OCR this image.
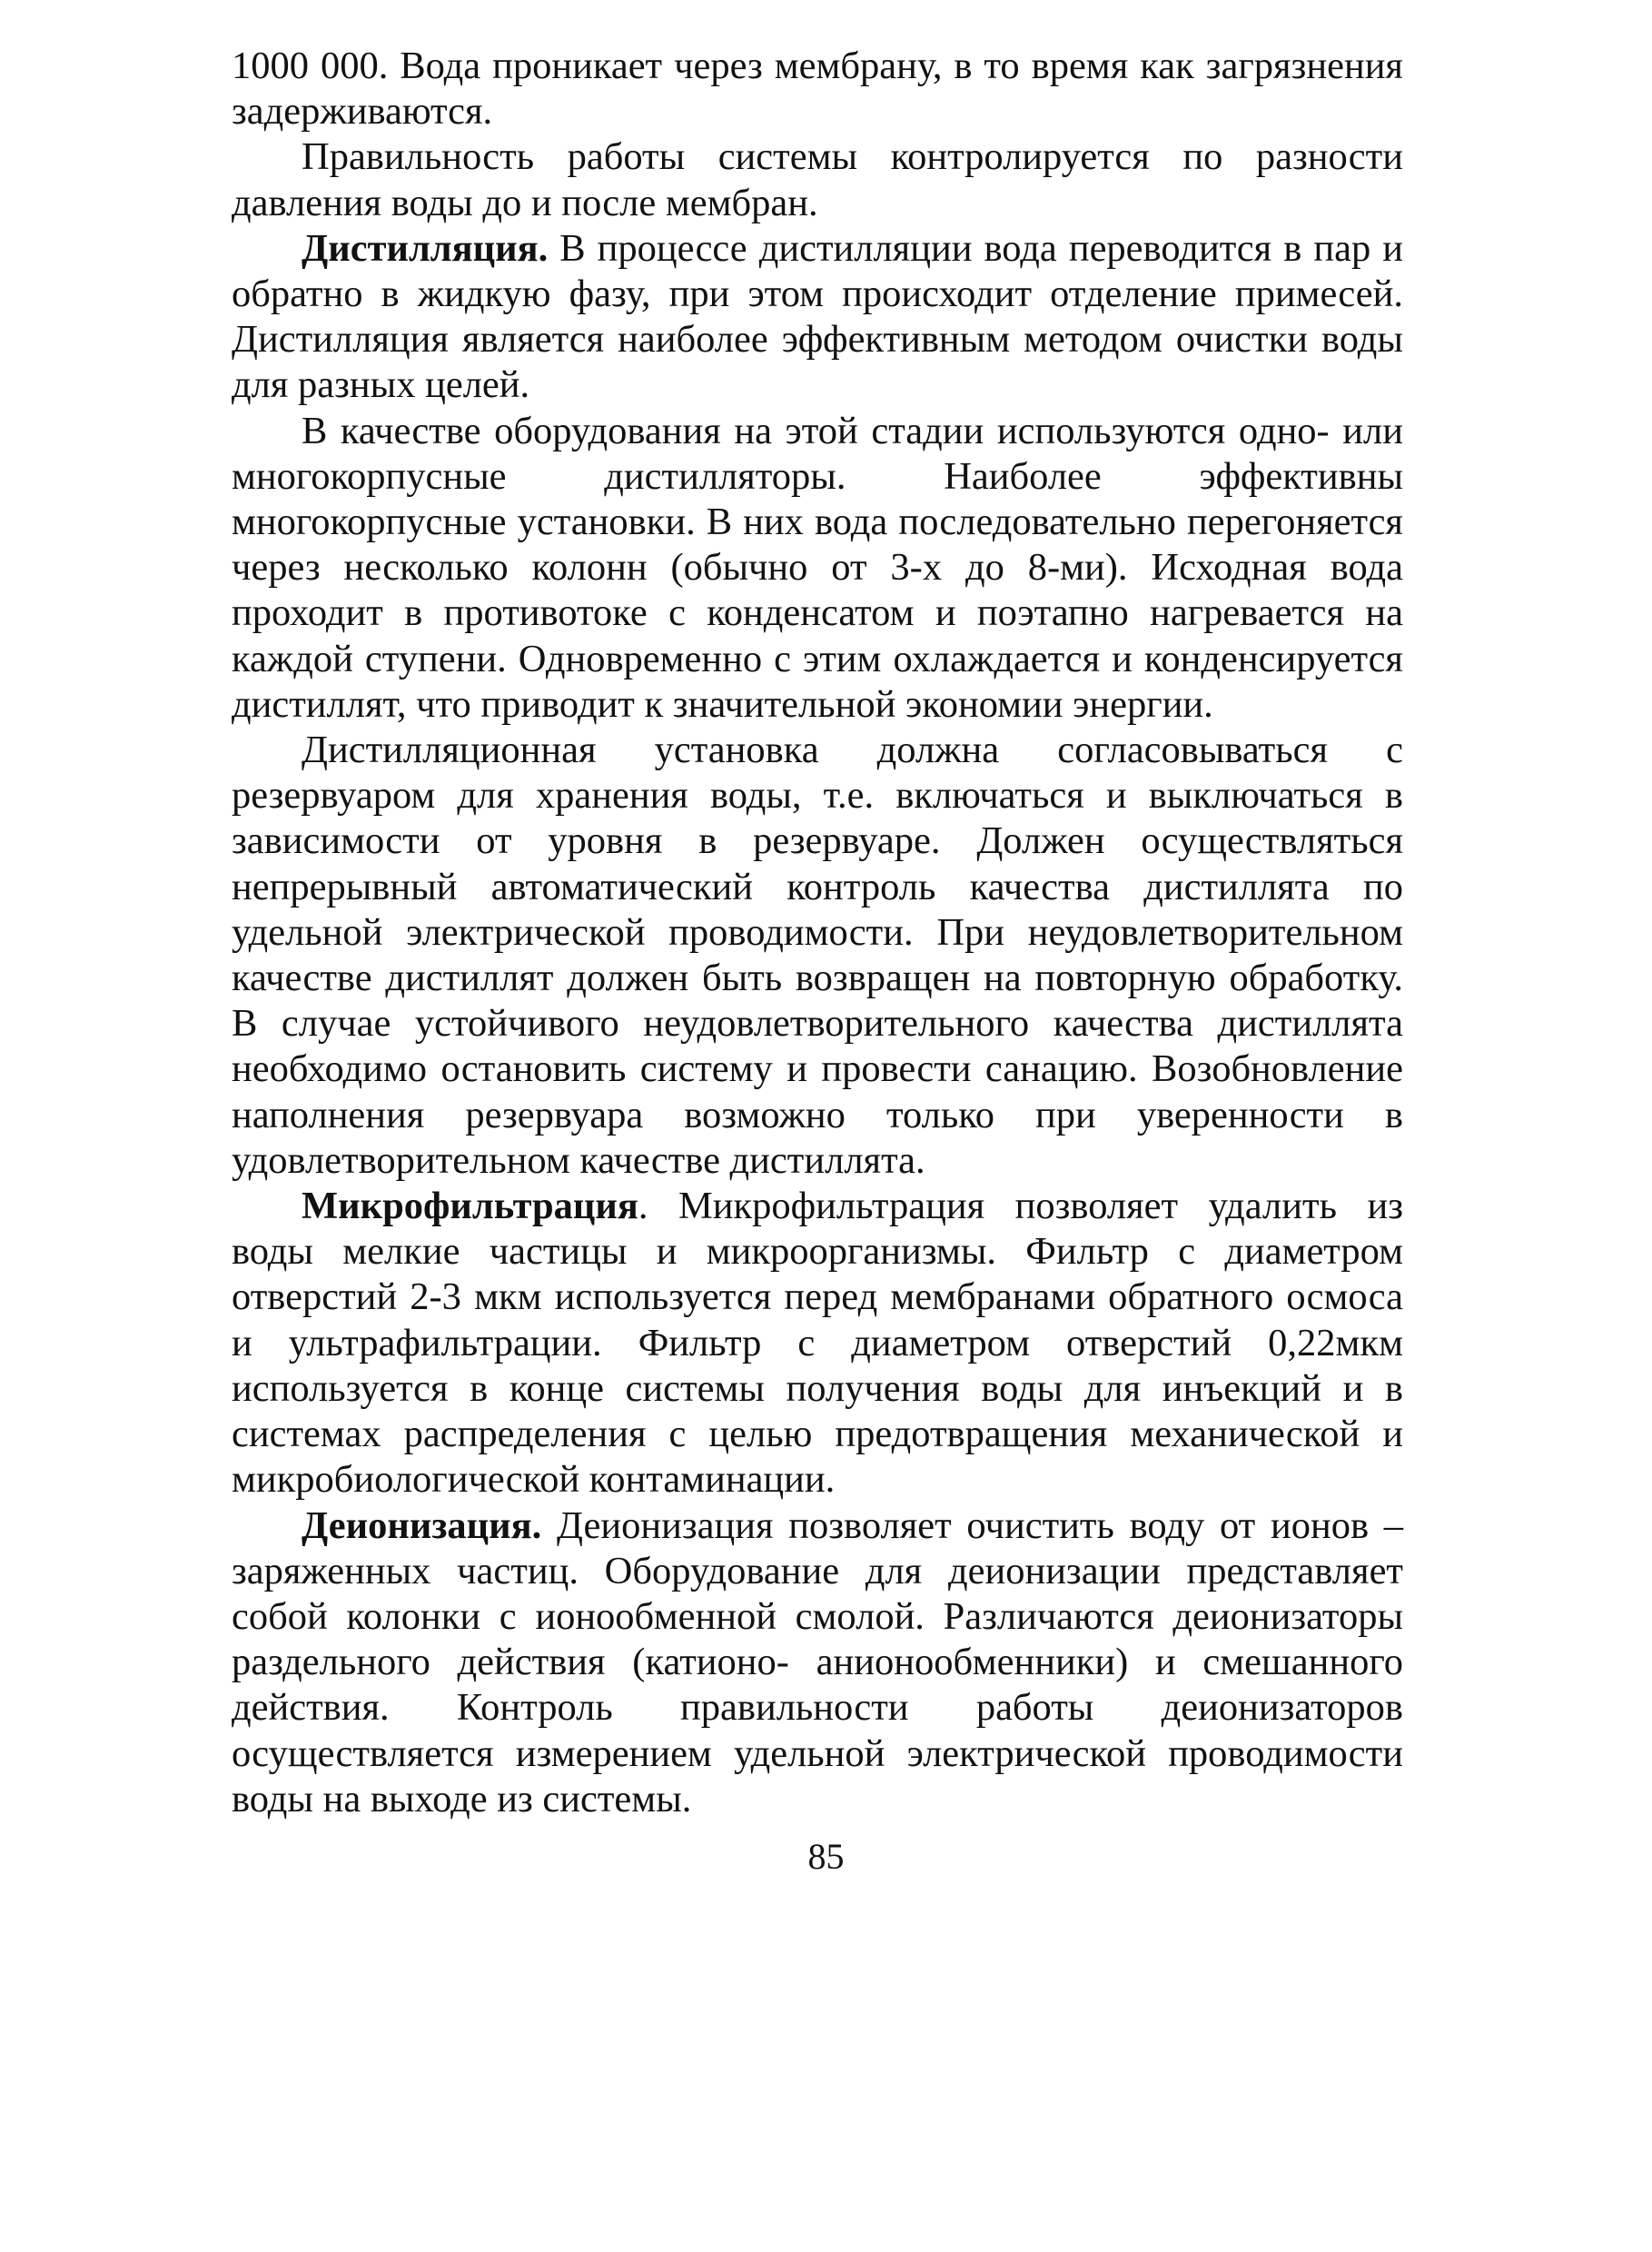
1000 000. Вода проникает через мембрану, в то время как загрязнения задерживаются.

Правильность работы системы контролируется по разности давления воды до и после мембран.

Дистилляция. В процессе дистилляции вода переводится в пар и обратно в жидкую фазу, при этом происходит отделение примесей. Дистилляция является наиболее эффективным методом очистки воды для разных целей.

В качестве оборудования на этой стадии используются одно- или многокорпусные дистилляторы. Наиболее эффективны многокорпусные установки. В них вода последовательно перегоняется через несколько колонн (обычно от 3-х до 8-ми). Исходная вода проходит в противотоке с конденсатом и поэтапно нагревается на каждой ступени. Одновременно с этим охлаждается и конденсируется дистиллят, что приводит к значительной экономии энергии.

Дистилляционная установка должна согласовываться с резервуаром для хранения воды, т.е. включаться и выключаться в зависимости от уровня в резервуаре. Должен осуществляться непрерывный автоматический контроль качества дистиллята по удельной электрической проводимости. При неудовлетворительном качестве дистиллят должен быть возвращен на повторную обработку. В случае устойчивого неудовлетворительного качества дистиллята необходимо остановить систему и провести санацию. Возобновление наполнения резервуара возможно только при уверенности в удовлетворительном качестве дистиллята.

Микрофильтрация. Микрофильтрация позволяет удалить из воды мелкие частицы и микроорганизмы. Фильтр с диаметром отверстий 2-3 мкм используется перед мембранами обратного осмоса и ультрафильтрации. Фильтр с диаметром отверстий 0,22мкм используется в конце системы получения воды для инъекций и в системах распределения с целью предотвращения механической и микробиологической контаминации.

Деионизация. Деионизация позволяет очистить воду от ионов – заряженных частиц. Оборудование для деионизации представляет собой колонки с ионообменной смолой. Различаются деионизаторы раздельного действия (катионо- анионообменники) и смешанного действия. Контроль правильности работы деионизаторов осуществляется измерением удельной электрической проводимости воды на выходе из системы.

85
